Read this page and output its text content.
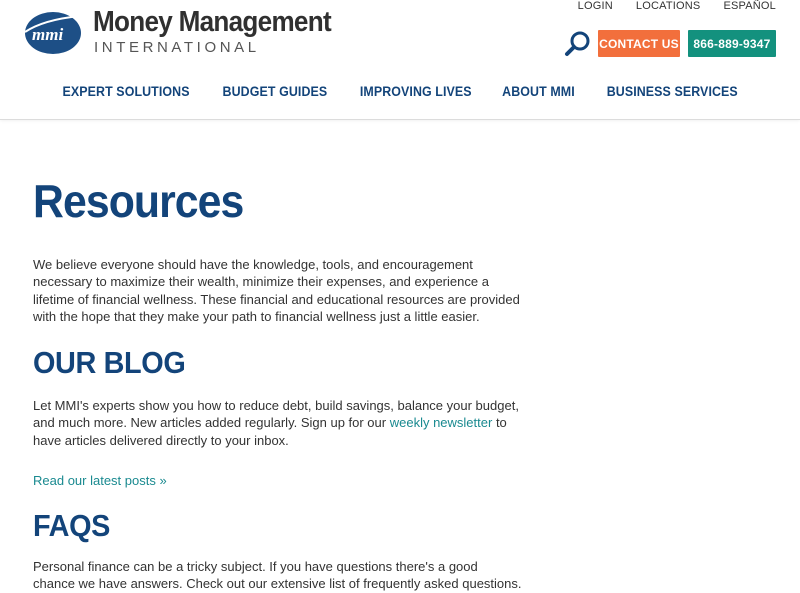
mmi Money Management
INTERNATIONAL
LOGIN	LOCATIONS	ESPAÑOL
CONTACT US	866-889-9347
EXPERT SOLUTIONS BUDGET GUIDES IMPROVING LIVES ABOUT MMI BUSINESS SERVICES
Resources

We believe everyone should have the knowledge, tools, and encouragement necessary to maximize their wealth, minimize their expenses, and experience a lifetime of financial wellness. These financial and educational resources are provided with the hope that they make your path to financial wellness just a little easier.

OUR BLOG

Let MMI's experts show you how to reduce debt, build savings, balance your budget, and much more. New articles added regularly. Sign up for our weekly newsletter to have articles delivered directly to your inbox.

Read our latest posts »
FAQS

Personal finance can be a tricky subject. If you have questions there's a good chance we have answers. Check out our extensive list of frequently asked questions.
